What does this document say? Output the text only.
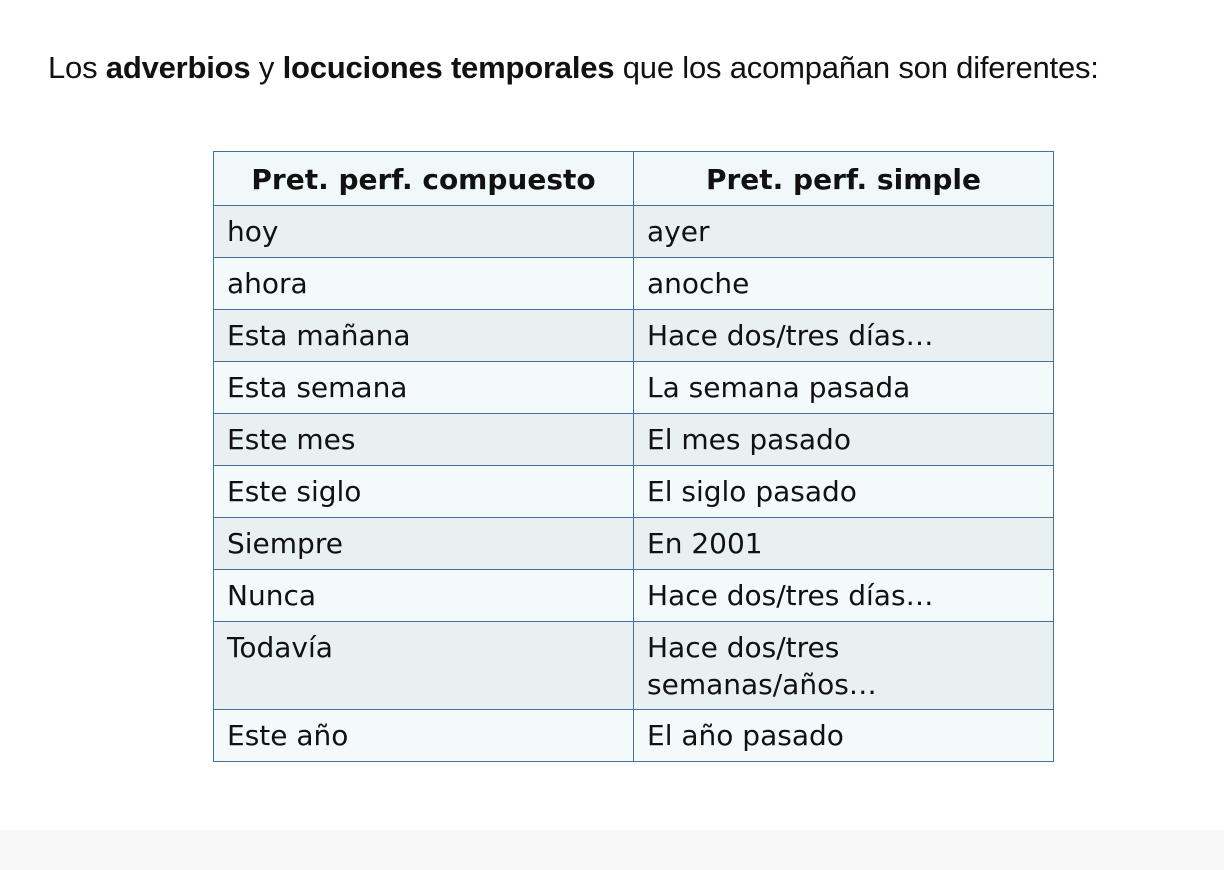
Los adverbios y locuciones temporales que los acompañan son diferentes:
Pret. perf. compuesto	Pret. perf. simple
hoy	ayer
ahora	anoche
Esta mañana	Hace dos/tres días…
Esta semana	La semana pasada
Este mes	El mes pasado
Este siglo	El siglo pasado
Siempre	En 2001
Nunca	Hace dos/tres días…
Todavía	Hace dos/tres semanas/años…
Este año	El año pasado
